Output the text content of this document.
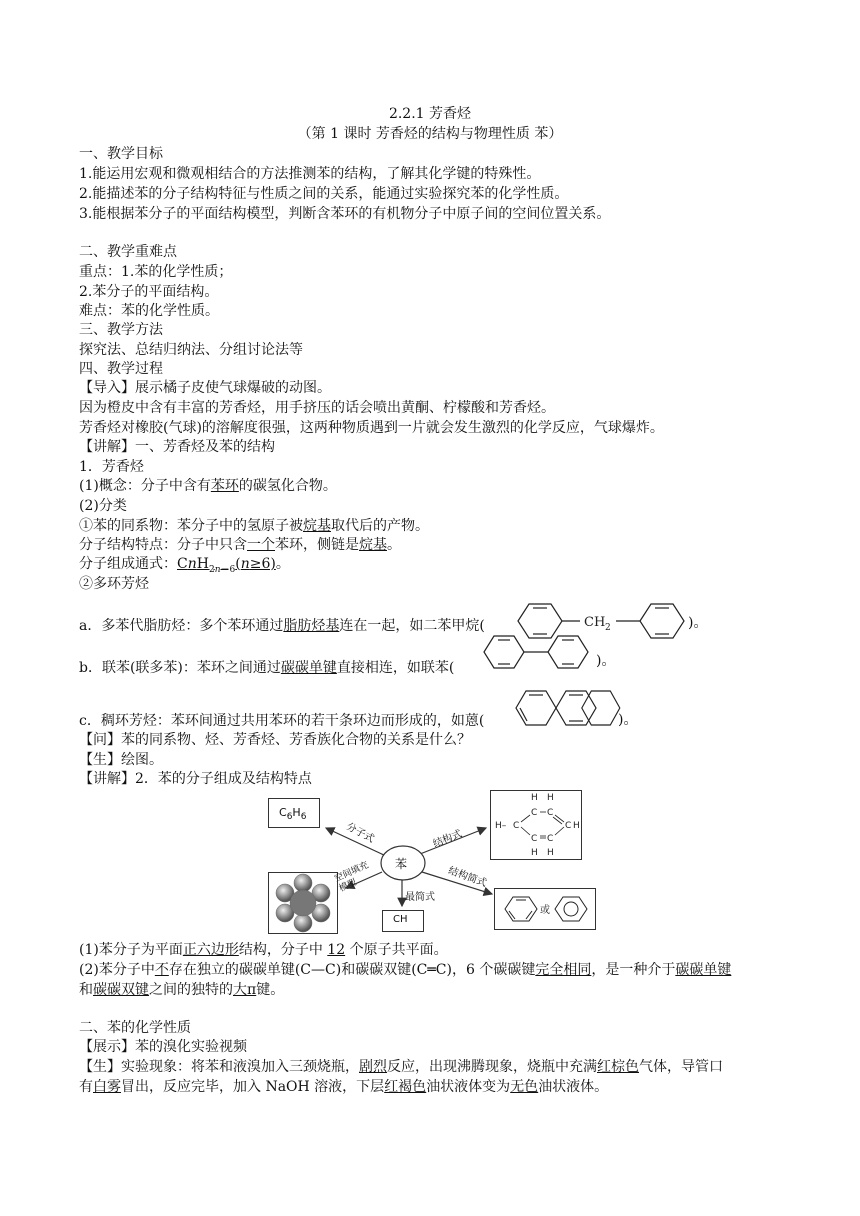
2.2.1 芳香烃
（第 1 课时 芳香烃的结构与物理性质 苯）
一、教学目标
1.能运用宏观和微观相结合的方法推测苯的结构，了解其化学键的特殊性。
2.能描述苯的分子结构特征与性质之间的关系，能通过实验探究苯的化学性质。
3.能根据苯分子的平面结构模型，判断含苯环的有机物分子中原子间的空间位置关系。
二、教学重难点
重点：1.苯的化学性质；
2.苯分子的平面结构。
难点：苯的化学性质。
三、教学方法
探究法、总结归纳法、分组讨论法等
四、教学过程
【导入】展示橘子皮使气球爆破的动图。
因为橙皮中含有丰富的芳香烃，用手挤压的话会喷出黄酮、柠檬酸和芳香烃。
芳香烃对橡胶(气球)的溶解度很强，这两种物质遇到一片就会发生激烈的化学反应，气球爆炸。
【讲解】一、芳香烃及苯的结构
1．芳香烃
(1)概念：分子中含有苯环的碳氢化合物。
(2)分类
①苯的同系物：苯分子中的氢原子被烷基取代后的产物。
分子结构特点：分子中只含一个苯环，侧链是烷基。
分子组成通式：CnH$_{2n-6}$(n≥6)。
②多环芳烃
a．多苯代脂肪烃：多个苯环通过脂肪烃基连在一起，如二苯甲烷(	CH 2	)。
b．联苯(联多苯)：苯环之间通过碳碳单键直接相连，如联苯(	)。
c．稠环芳烃：苯环间通过共用苯环的若干条环边而形成的，如蒽(	)。
【问】苯的同系物、烃、芳香烃、芳香族化合物的关系是什么？
【生】绘图。
【讲解】2．苯的分子组成及结构特点
苯
$C_6H_6$
分子式
H H
C C
H– C	C H
C C
H H
结构式
空间填充模型
最简式
CH
结构简式
或
(1)苯分子为平面正六边形结构，分子中 12 个原子共平面。
(2)苯分子中不存在独立的碳碳单键(C—C)和碳碳双键(C═C)，6 个碳碳键完全相同，是一种介于碳碳单键
和碳碳双键之间的独特的大π键。
二、苯的化学性质
【展示】苯的溴化实验视频
【生】实验现象：将苯和液溴加入三颈烧瓶，剧烈反应，出现沸腾现象，烧瓶中充满红棕色气体，导管口
有白雾冒出，反应完毕，加入 NaOH 溶液，下层红褐色油状液体变为无色油状液体。
